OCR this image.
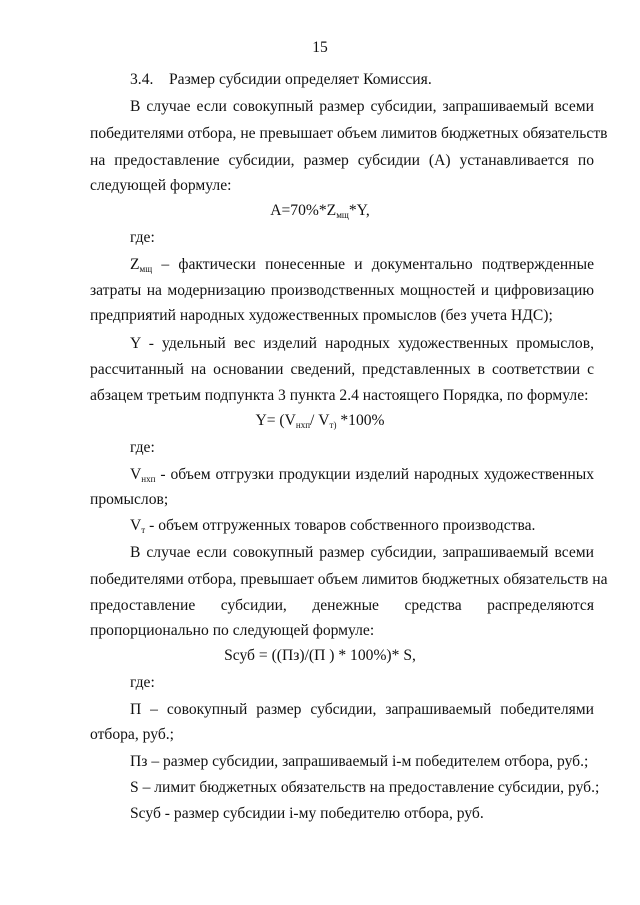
15
3.4. Размер субсидии определяет Комиссия.
В случае если совокупный размер субсидии, запрашиваемый всеми
победителями отбора, не превышает объем лимитов бюджетных обязательств
на предоставление субсидии, размер субсидии (А) устанавливается по
следующей формуле:
$А=70\%*Z_{мщ}*Y$,
где:
$Z_{мщ}$ – фактически понесенные и документально подтвержденные
затраты на модернизацию производственных мощностей и цифровизацию
предприятий народных художественных промыслов (без учета НДС);
Y - удельный вес изделий народных художественных промыслов,
рассчитанный на основании сведений, представленных в соответствии с
абзацем третьим подпункта 3 пункта 2.4 настоящего Порядка, по формуле:
$Y= (V_{нхп}/$ $V_{т)}$ *100%
где:
$V_{нхп}$ - объем отгрузки продукции изделий народных художественных
промыслов;
$V_т$ - объем отгруженных товаров собственного производства.
В случае если совокупный размер субсидии, запрашиваемый всеми
победителями отбора, превышает объем лимитов бюджетных обязательств на
предоставление субсидии, денежные средства распределяются
пропорционально по следующей формуле:
Sсуб = ((Пз)/(П ) * 100%)* S,
где:
П – совокупный размер субсидии, запрашиваемый победителями
отбора, руб.;
Пз – размер субсидии, запрашиваемый i-м победителем отбора, руб.;
S – лимит бюджетных обязательств на предоставление субсидии, руб.;
Sсуб - размер субсидии i-му победителю отбора, руб.
